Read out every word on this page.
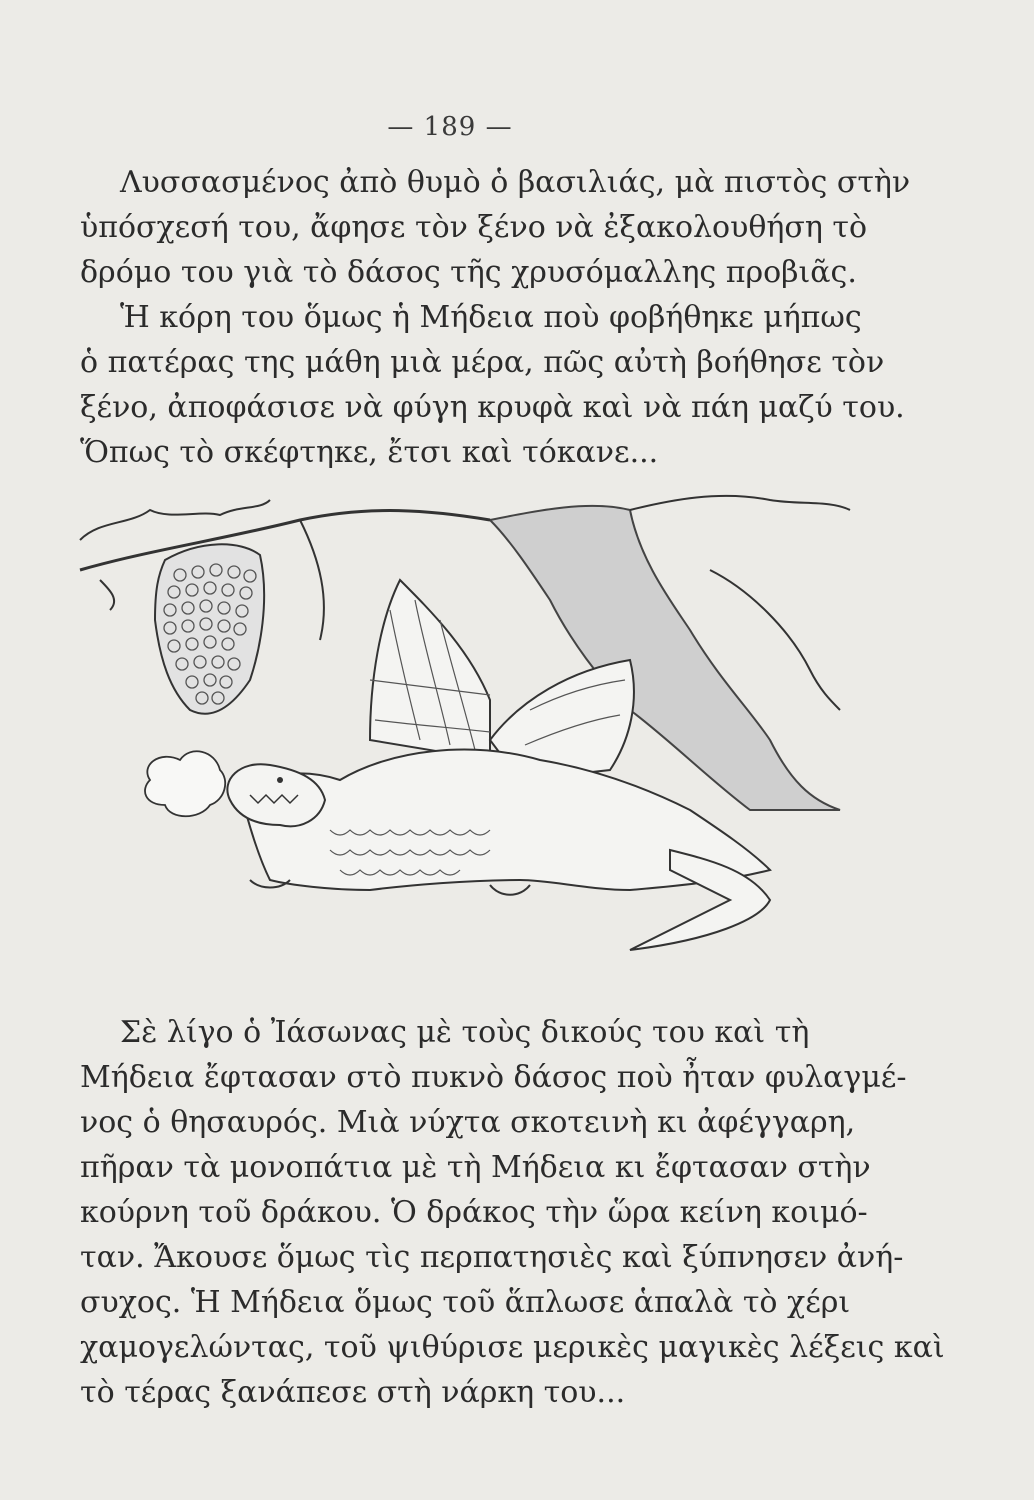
— 189 —
Λυσσασμένος ἀπὸ θυμὸ ὁ βασιλιάς, μὰ πιστὸς στὴν
ὑπόσχεσή του, ἄφησε τὸν ξένο νὰ ἐξακολουθήση τὸ
δρόμο του γιὰ τὸ δάσος τῆς χρυσόμαλλης προβιᾶς.
Ἡ κόρη του ὅμως ἡ Μήδεια ποὺ φοβήθηκε μήπως
ὁ πατέρας της μάθη μιὰ μέρα, πῶς αὐτὴ βοήθησε τὸν
ξένο, ἀποφάσισε νὰ φύγη κρυφὰ καὶ νὰ πάη μαζύ του.
Ὅπως τὸ σκέφτηκε, ἔτσι καὶ τόκανε...
Σὲ λίγο ὁ Ἰάσωνας μὲ τοὺς δικούς του καὶ τὴ
Μήδεια ἔφτασαν στὸ πυκνὸ δάσος ποὺ ἦταν φυλαγμέ-
νος ὁ θησαυρός. Μιὰ νύχτα σκοτεινὴ κι ἀφέγγαρη,
πῆραν τὰ μονοπάτια μὲ τὴ Μήδεια κι ἔφτασαν στὴν
κούρνη τοῦ δράκου. Ὁ δράκος τὴν ὥρα κείνη κοιμό-
ταν. Ἄκουσε ὅμως τὶς περπατησιὲς καὶ ξύπνησεν ἀνή-
συχος. Ἡ Μήδεια ὅμως τοῦ ἅπλωσε ἁπαλὰ τὸ χέρι
χαμογελώντας, τοῦ ψιθύρισε μερικὲς μαγικὲς λέξεις καὶ
τὸ τέρας ξανάπεσε στὴ νάρκη του...
